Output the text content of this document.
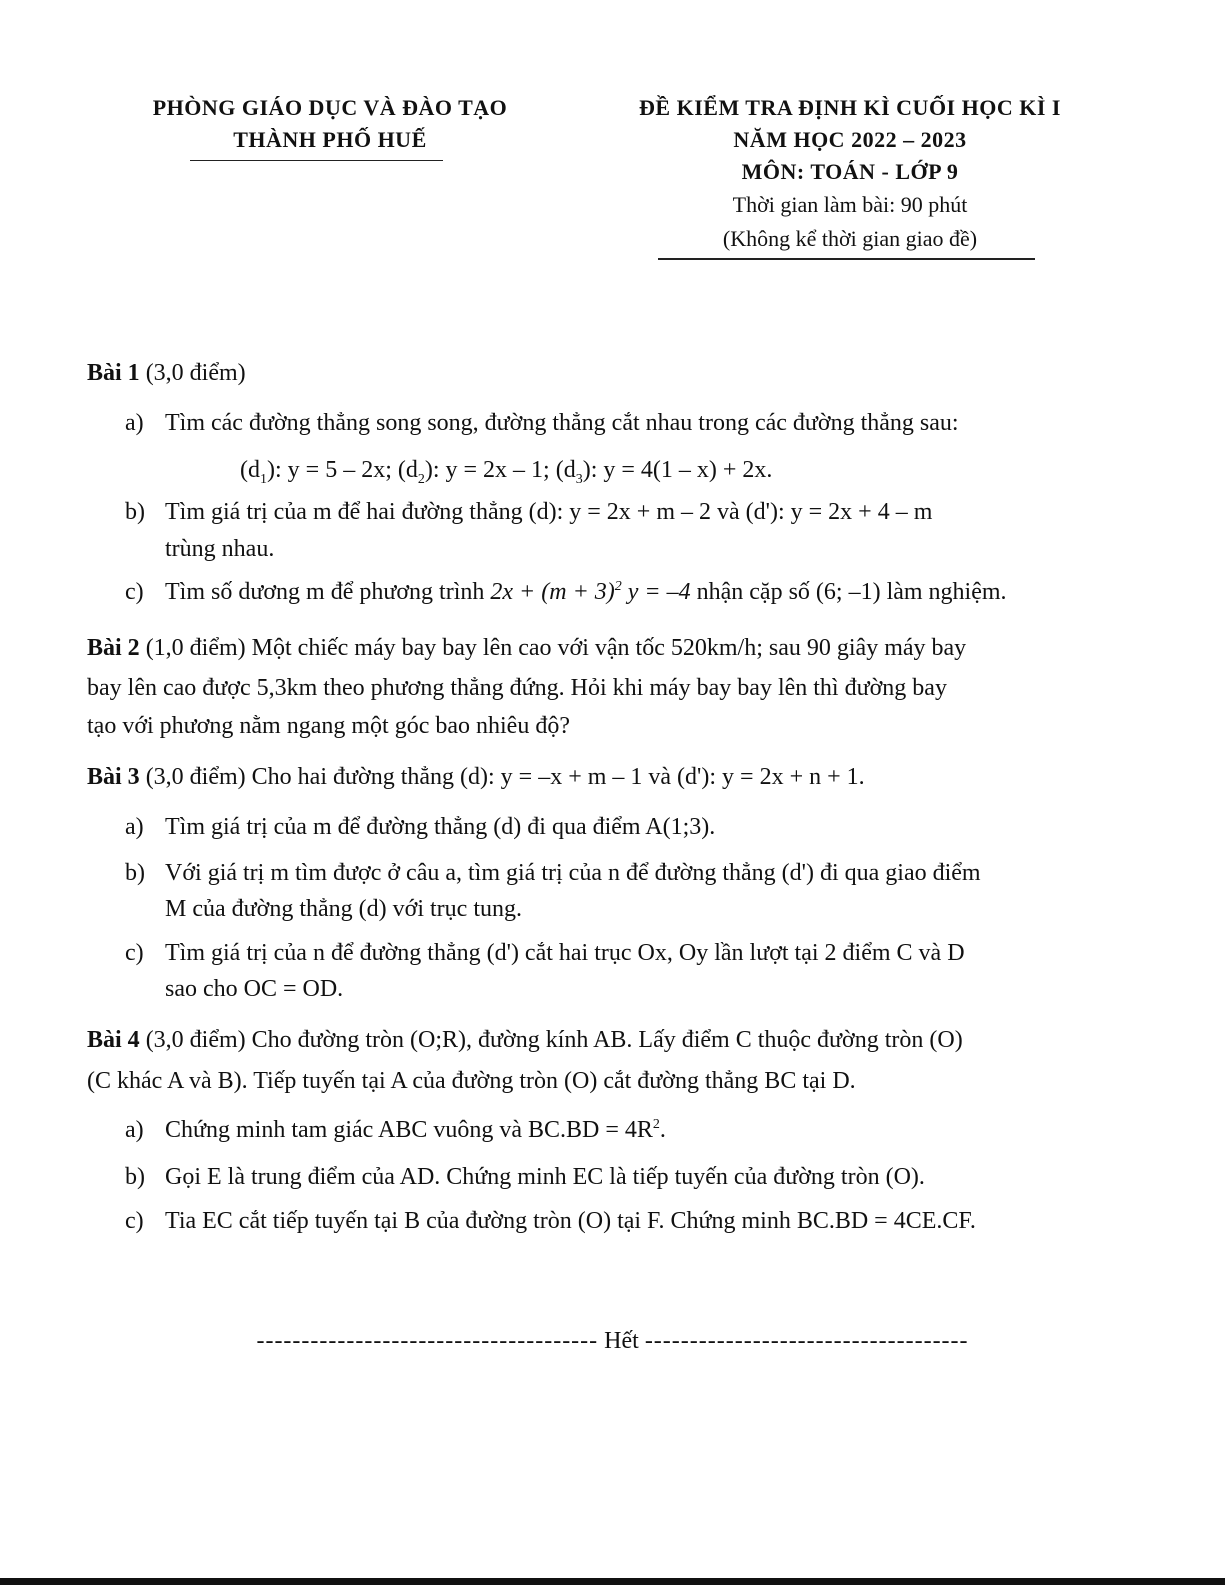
PHÒNG GIÁO DỤC VÀ ĐÀO TẠO
THÀNH PHỐ HUẾ
ĐỀ KIỂM TRA ĐỊNH KÌ CUỐI HỌC KÌ I
NĂM HỌC 2022 – 2023
MÔN: TOÁN - LỚP 9
Thời gian làm bài: 90 phút
(Không kể thời gian giao đề)
Bài 1 (3,0 điểm)
a) Tìm các đường thẳng song song, đường thẳng cắt nhau trong các đường thẳng sau:
$(d_1)$: y = 5 – 2x; $(d_2)$: y = 2x – 1; $(d_3)$: y = 4(1 – x) + 2x.
b) Tìm giá trị của m để hai đường thẳng (d): y = 2x + m – 2 và (d'): y = 2x + 4 – m
trùng nhau.
c) Tìm số dương m để phương trình $2x + (m + 3)^2$ y = –4 nhận cặp số (6; –1) làm nghiệm.
Bài 2 (1,0 điểm) Một chiếc máy bay bay lên cao với vận tốc 520km/h; sau 90 giây máy bay
bay lên cao được 5,3km theo phương thẳng đứng. Hỏi khi máy bay bay lên thì đường bay
tạo với phương nằm ngang một góc bao nhiêu độ?
Bài 3 (3,0 điểm) Cho hai đường thẳng (d): y = –x + m – 1 và (d'): y = 2x + n + 1.
a) Tìm giá trị của m để đường thẳng (d) đi qua điểm A(1;3).
b) Với giá trị m tìm được ở câu a, tìm giá trị của n để đường thẳng (d') đi qua giao điểm
M của đường thẳng (d) với trục tung.
c) Tìm giá trị của n để đường thẳng (d') cắt hai trục Ox, Oy lần lượt tại 2 điểm C và D
sao cho OC = OD.
Bài 4 (3,0 điểm) Cho đường tròn (O;R), đường kính AB. Lấy điểm C thuộc đường tròn (O)
(C khác A và B). Tiếp tuyến tại A của đường tròn (O) cắt đường thẳng BC tại D.
a) Chứng minh tam giác ABC vuông và $BC.BD = 4R^2$.
b) Gọi E là trung điểm của AD. Chứng minh EC là tiếp tuyến của đường tròn (O).
c) Tia EC cắt tiếp tuyến tại B của đường tròn (O) tại F. Chứng minh BC.BD = 4CE.CF.
-------------------------------------- Hết ------------------------------------
